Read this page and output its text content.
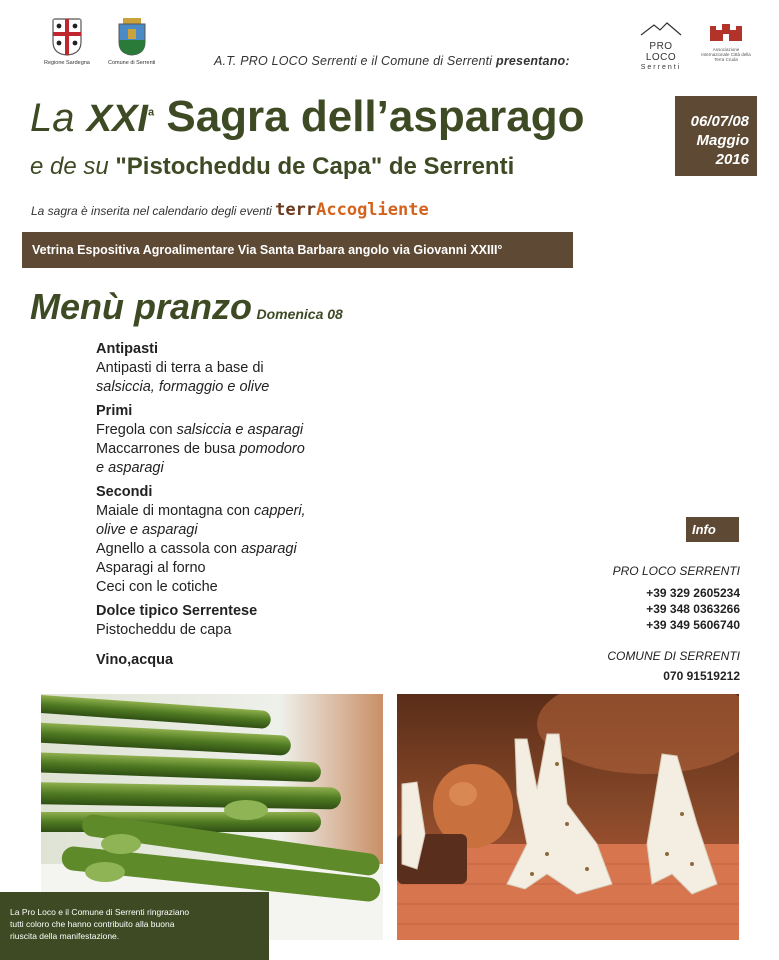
Regione Sardegna	Comune di Serrenti
PRO LOCO
Serrenti
Associazione Internazionale Città della Terra Cruda
A.T. PRO LOCO Serrenti e il Comune di Serrenti presentano:
La XXI$^a$ Sagra dell’asparago
e de su "Pistocheddu de Capa" de Serrenti
06/07/08
Maggio
2016
La sagra è inserita nel calendario degli eventi terrAccogliente
Vetrina Espositiva Agroalimentare Via Santa Barbara angolo via Giovanni XXIII°
Menù pranzo Domenica 08
Antipasti
Antipasti di terra a base di
salsiccia, formaggio e olive
Primi
Fregola con salsiccia e asparagi
Maccarrones de busa pomodoro
e asparagi
Secondi
Maiale di montagna con capperi,
olive e asparagi
Agnello a cassola con asparagi
Asparagi al forno
Ceci con le cotiche
Dolce tipico Serrentese
Pistocheddu de capa
Vino,acqua
Info
PRO LOCO SERRENTI
+39 329 2605234
+39 348 0363266
+39 349 5606740
COMUNE DI SERRENTI
070 91519212
La Pro Loco e il Comune di Serrenti ringraziano
tutti coloro che hanno contribuito alla buona
riuscita della manifestazione.
